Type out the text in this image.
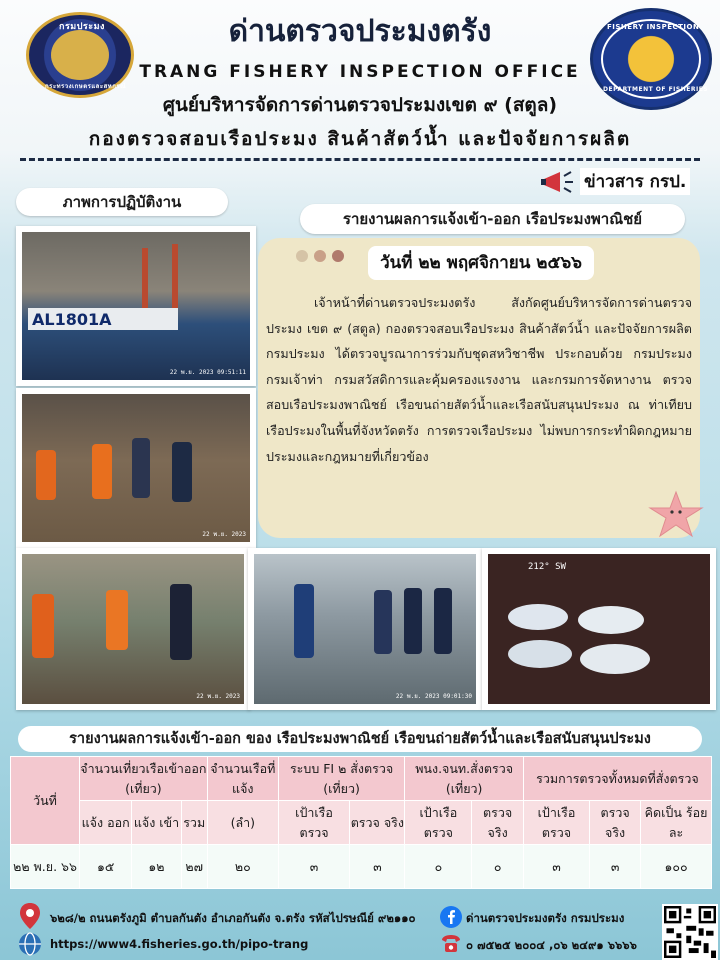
กรมประมง
กระทรวงเกษตรและสหกรณ์
FISHERY INSPECTION
DEPARTMENT OF FISHERIES
ด่านตรวจประมงตรัง
TRANG FISHERY INSPECTION OFFICE
ศูนย์บริหารจัดการด่านตรวจประมงเขต ๙ (สตูล)
กองตรวจสอบเรือประมง สินค้าสัตว์น้ำ และปัจจัยการผลิต
ข่าวสาร กรป.
ภาพการปฏิบัติงาน
รายงานผลการแจ้งเข้า-ออก เรือประมงพาณิชย์
AL1801A
22 พ.ย. 2023 09:51:11
22 พ.ย. 2023
22 พ.ย. 2023	22 พ.ย. 2023 09:01:30
212° SW
วันที่ ๒๒ พฤศจิกายน ๒๕๖๖
เจ้าหน้าที่ด่านตรวจประมงตรัง สังกัดศูนย์บริหารจัดการด่านตรวจประมง เขต ๙ (สตูล) กองตรวจสอบเรือประมง สินค้าสัตว์น้ำ และปัจจัยการผลิต กรมประมง ได้ตรวจบูรณาการร่วมกับชุดสหวิชาชีพ ประกอบด้วย กรมประมง กรมเจ้าท่า กรมสวัสดิการและคุ้มครองแรงงาน และกรมการจัดหางาน ตรวจสอบเรือประมงพาณิชย์ เรือขนถ่ายสัตว์น้ำและเรือสนับสนุนประมง ณ ท่าเทียบเรือประมงในพื้นที่จังหวัดตรัง การตรวจเรือประมง ไม่พบการกระทำผิดกฎหมายประมงและกฎหมายที่เกี่ยวข้อง
รายงานผลการแจ้งเข้า-ออก ของ เรือประมงพาณิชย์ เรือขนถ่ายสัตว์น้ำและเรือสนับสนุนประมง
วันที่	จำนวนเที่ยวเรือเข้าออก (เที่ยว)			จำนวนเรือที่แจ้ง	ระบบ FI ๒ สั่งตรวจ (เที่ยว)		พนง.จนท.สั่งตรวจ (เที่ยว)		รวมการตรวจทั้งหมดที่สั่งตรวจ		
	แจ้ง ออก	แจ้ง เข้า	รวม	(ลำ)	เป้าเรือ ตรวจ	ตรวจ จริง	เป้าเรือ ตรวจ	ตรวจ จริง	เป้าเรือ ตรวจ	ตรวจ จริง	คิดเป็น ร้อยละ
๒๒ พ.ย. ๖๖	๑๕	๑๒	๒๗	๒๐	๓	๓	๐	๐	๓	๓	๑๐๐
๖๒๘/๒ ถนนตรังภูมิ ตำบลกันตัง อำเภอกันตัง จ.ตรัง รหัสไปรษณีย์ ๙๒๑๑๐	ด่านตรวจประมงตรัง กรมประมง
https://www4.fisheries.go.th/pipo-trang	๐ ๗๕๒๕ ๒๐๐๔ ,๐๖ ๒๔๙๑ ๖๖๖๖
